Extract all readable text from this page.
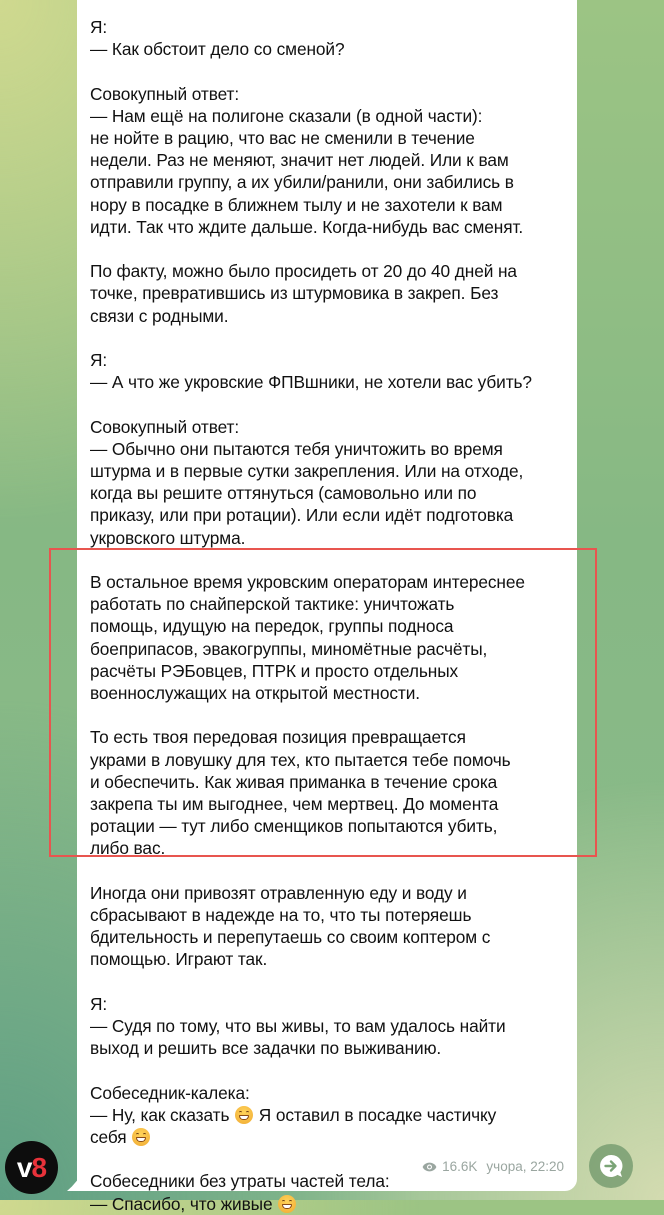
Я:

— Как обстоит дело со сменой?

Совокупный ответ:

— Нам ещё на полигоне сказали (в одной части):

не нойте в рацию, что вас не сменили в течение

недели. Раз не меняют, значит нет людей. Или к вам

отправили группу, а их убили/ранили, они забились в

нору в посадке в ближнем тылу и не захотели к вам

идти. Так что ждите дальше. Когда-нибудь вас сменят.

По факту, можно было просидеть от 20 до 40 дней на

точке, превратившись из штурмовика в закреп. Без

связи с родными.

Я:

— А что же укровские ФПВшники, не хотели вас убить?

Совокупный ответ:

— Обычно они пытаются тебя уничтожить во время

штурма и в первые сутки закрепления. Или на отходе,

когда вы решите оттянуться (самовольно или по

приказу, или при ротации). Или если идёт подготовка

укровского штурма.

В остальное время укровским операторам интереснее

работать по снайперской тактике: уничтожать

помощь, идущую на передок, группы подноса

боеприпасов, эвакогруппы, миномётные расчёты,

расчёты РЭБовцев, ПТРК и просто отдельных

военнослужащих на открытой местности.

То есть твоя передовая позиция превращается

украми в ловушку для тех, кто пытается тебе помочь

и обеспечить. Как живая приманка в течение срока

закрепа ты им выгоднее, чем мертвец. До момента

ротации — тут либо сменщиков попытаются убить,

либо вас.

Иногда они привозят отравленную еду и воду и

сбрасывают в надежде на то, что ты потеряешь

бдительность и перепутаешь со своим коптером с

помощью. Играют так.

Я:

— Судя по тому, что вы живы, то вам удалось найти

выход и решить все задачки по выживанию.

Собеседник-калека:

— Ну, как сказать
Я оставил в посадке частичку

себя

Собеседники без утраты частей тела:

— Спасибо, что живые

16.6K учора, 22:20
v 8
